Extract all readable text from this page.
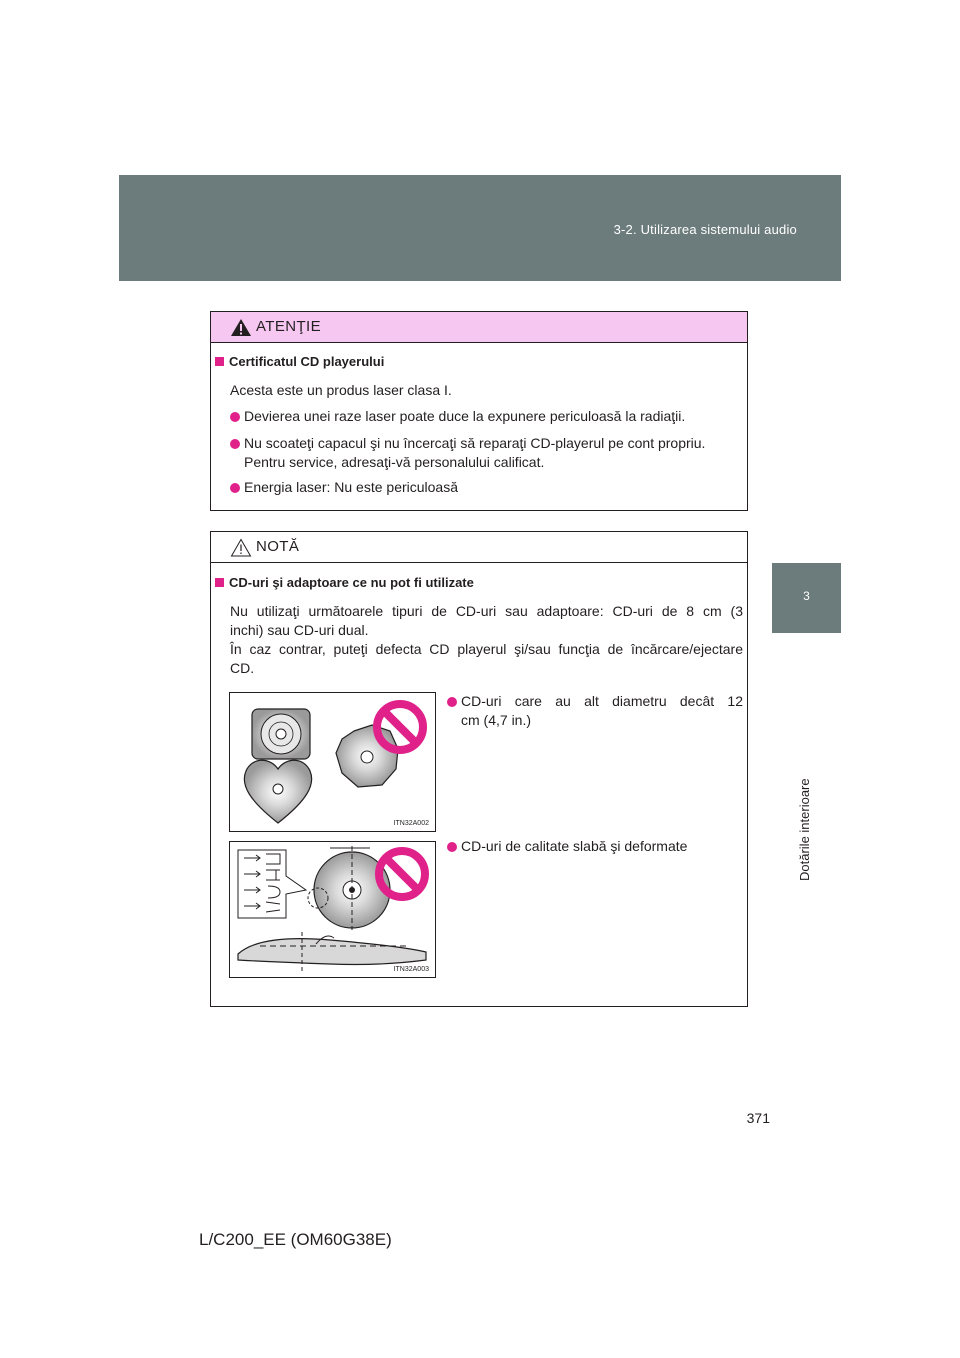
3-2. Utilizarea sistemului audio
3
Dotările interioare
ATENŢIE
Certificatul CD playerului
Acesta este un produs laser clasa I.
Devierea unei raze laser poate duce la expunere periculoasă la radiaţii.
Nu scoateţi capacul şi nu încercaţi să reparaţi CD-playerul pe cont propriu.
Pentru service, adresaţi-vă personalului calificat.
Energia laser: Nu este periculoasă
NOTĂ
CD-uri şi adaptoare ce nu pot fi utilizate
Nu utilizaţi următoarele tipuri de CD-uri sau adaptoare: CD-uri de 8 cm (3
inchi) sau CD-uri dual.
În caz contrar, puteţi defecta CD playerul şi/sau funcţia de încărcare/ejectare
CD.
ITN32A002
CD-uri care au alt diametru decât 12
cm (4,7 in.)
ITN32A003
CD-uri de calitate slabă şi deformate
371
L/C200_EE (OM60G38E)
